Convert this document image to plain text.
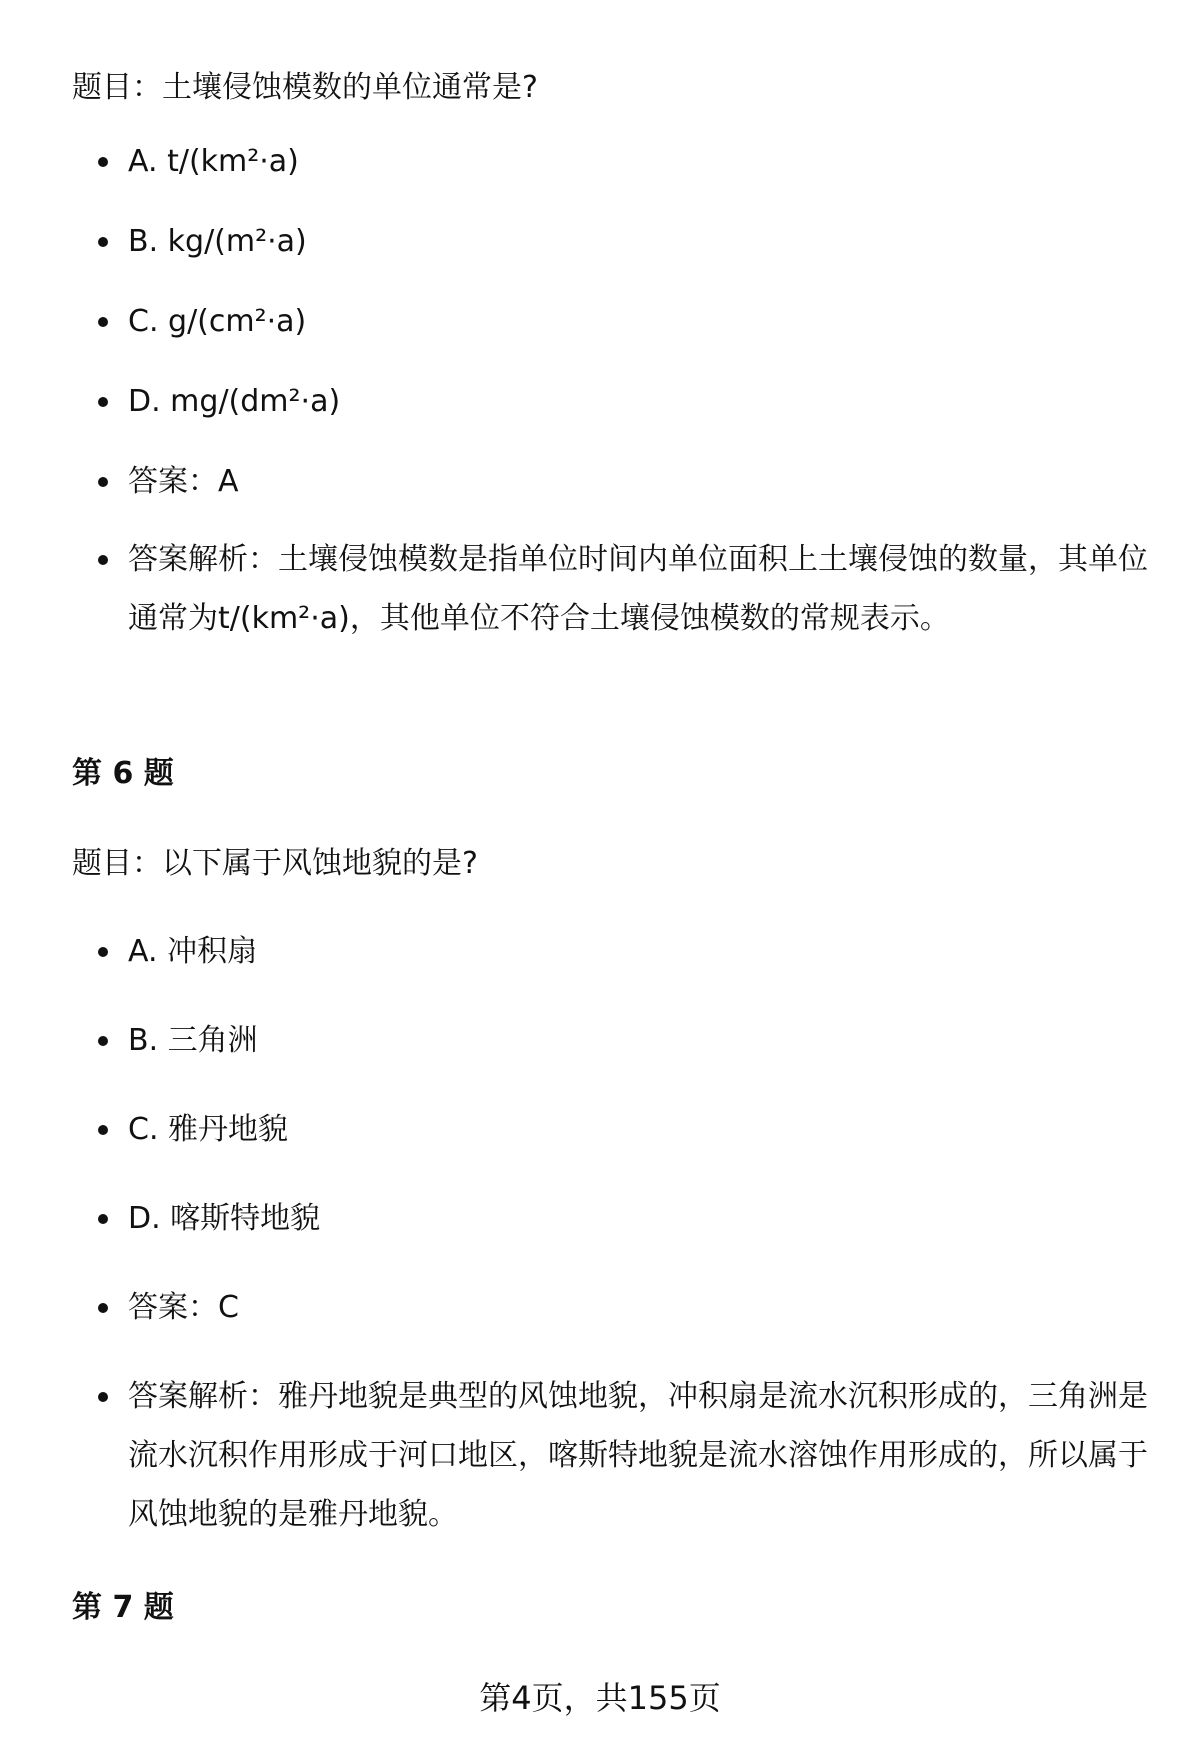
题目：土壤侵蚀模数的单位通常是?
A. t/(km²·a)
B. kg/(m²·a)
C. g/(cm²·a)
D. mg/(dm²·a)
答案：A
答案解析：土壤侵蚀模数是指单位时间内单位面积上土壤侵蚀的数量，其单位通常为t/(km²·a)，其他单位不符合土壤侵蚀模数的常规表示。
第 6 题
题目：以下属于风蚀地貌的是?
A. 冲积扇
B. 三角洲
C. 雅丹地貌
D. 喀斯特地貌
答案：C
答案解析：雅丹地貌是典型的风蚀地貌，冲积扇是流水沉积形成的，三角洲是流水沉积作用形成于河口地区，喀斯特地貌是流水溶蚀作用形成的，所以属于风蚀地貌的是雅丹地貌。
第 7 题
第4页，共155页
